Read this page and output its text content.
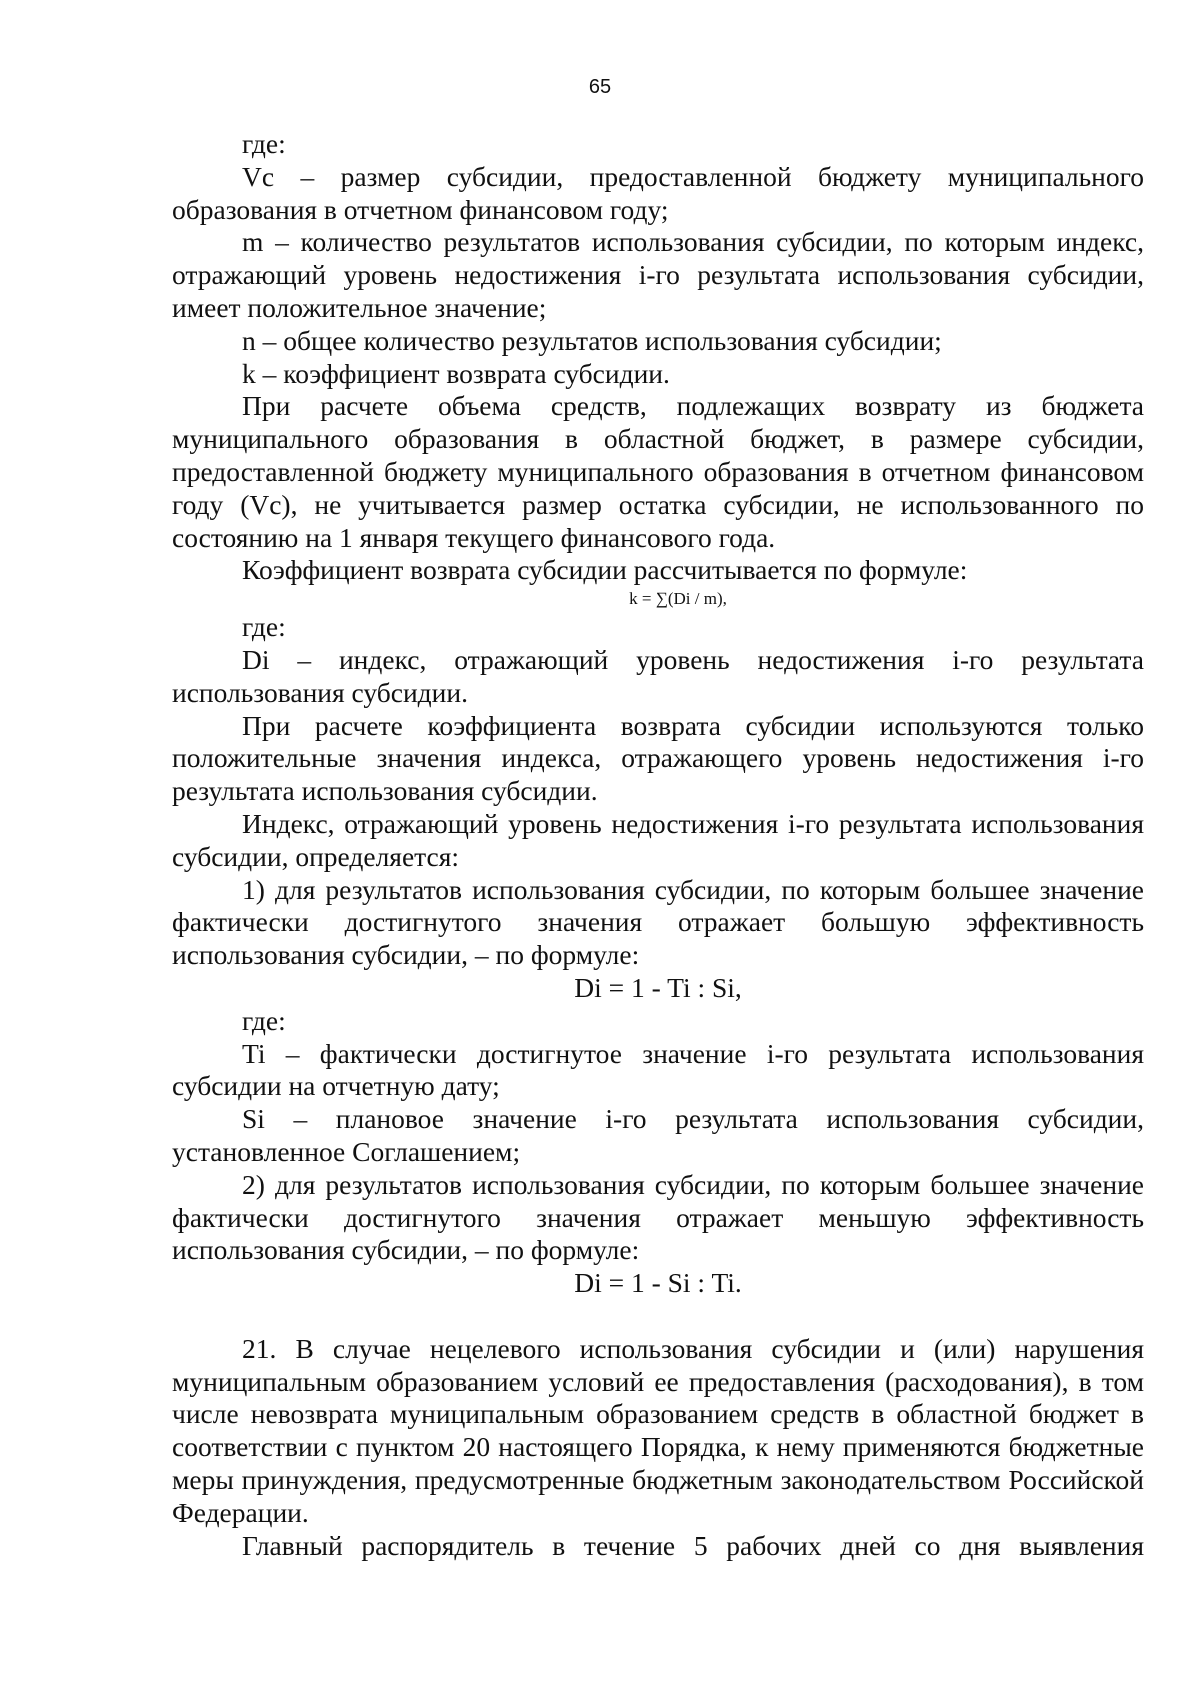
65

где:

Vc – размер субсидии, предоставленной бюджету муниципального образования в отчетном финансовом году;

m – количество результатов использования субсидии, по которым индекс, отражающий уровень недостижения i-го результата использования субсидии, имеет положительное значение;

n – общее количество результатов использования субсидии;

k – коэффициент возврата субсидии.

При расчете объема средств, подлежащих возврату из бюджета муниципального образования в областной бюджет, в размере субсидии, предоставленной бюджету муниципального образования в отчетном финансовом году (Vc), не учитывается размер остатка субсидии, не использованного по состоянию на 1 января текущего финансового года.

Коэффициент возврата субсидии рассчитывается по формуле:

k = ∑(Di / m),

где:

Di – индекс, отражающий уровень недостижения i-го результата использования субсидии.

При расчете коэффициента возврата субсидии используются только положительные значения индекса, отражающего уровень недостижения i-го результата использования субсидии.

Индекс, отражающий уровень недостижения i-го результата использования субсидии, определяется:

1) для результатов использования субсидии, по которым большее значение фактически достигнутого значения отражает большую эффективность использования субсидии, – по формуле:

Di = 1 - Ti : Si,

где:

Ti – фактически достигнутое значение i-го результата использования субсидии на отчетную дату;

Si – плановое значение i-го результата использования субсидии, установленное Соглашением;

2) для результатов использования субсидии, по которым большее значение фактически достигнутого значения отражает меньшую эффективность использования субсидии, – по формуле:

Di = 1 - Si : Ti.

21. В случае нецелевого использования субсидии и (или) нарушения муниципальным образованием условий ее предоставления (расходования), в том числе невозврата муниципальным образованием средств в областной бюджет в соответствии с пунктом 20 настоящего Порядка, к нему применяются бюджетные меры принуждения, предусмотренные бюджетным законодательством Российской Федерации.

Главный распорядитель в течение 5 рабочих дней со дня выявления
